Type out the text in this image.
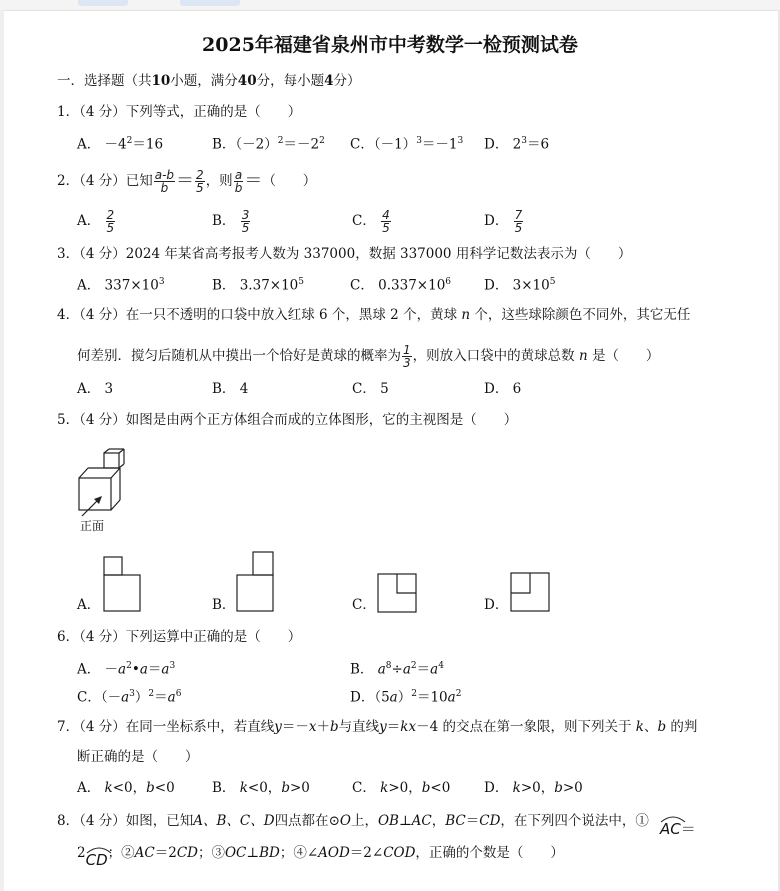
2025年福建省泉州市中考数学一检预测试卷
一．选择题（共10小题，满分40分，每小题4分）
1．（4 分）下列等式，正确的是（　　）
A． $-4^2=16$	B．$(-2)^2=-2^2$ C．$(-1)^3=-1^3$ D． $2^3=6$
2．（4 分）已知 $\frac{a-b}{b} = \frac{2}{5}$ ，则 $\frac{a}{b}$ ＝（　　）
A． $\frac{2}{5}$	B． $\frac{3}{5}$	C． $\frac{4}{5}$	D． $\frac{7}{5}$
3．（4 分）2024 年某省高考报考人数为 337000，数据 337000 用科学记数法表示为（　　）
A． $337\times 10^3$	B． $3.37\times 10^5$	C． $0.337\times 10^6$ D． $3\times 10^5$
4．（4 分）在一只不透明的口袋中放入红球 6 个，黑球 2 个，黄球 n 个，这些球除颜色不同外，其它无任
何差别．搅匀后随机从中摸出一个恰好是黄球的概率为 $\frac{1}{3}$ ，则放入口袋中的黄球总数 n 是（　　）
A． 3	B． 4	C． 5	D． 6
5．（4 分）如图是由两个正方体组合而成的立体图形，它的主视图是（　　）
正面
A．	B．	C．	D．
6．（4 分）下列运算中正确的是（　　）
A． $-a^2•a=a^3$	B． $a^8\div a^2=a^4$
C．$(-a^3)^2=a^6$	D．$(5a)^2=10a^2$
7．（4 分）在同一坐标系中，若直线y＝－x＋b与直线y＝kx－4 的交点在第一象限，则下列关于 k、b 的判
断正确的是（　　）
A． k<0，b<0	B． k<0，b>0	C． k>0，b<0 D． k>0，b>0
8．（4 分）如图，已知A、B、C、D四点都在⊙O上，OB⊥AC，BC＝CD，在下列四个说法中，① AC＝
2
CD；②AC＝2CD；③OC⊥BD；④∠AOD＝2∠COD，正确的个数是（　　）
